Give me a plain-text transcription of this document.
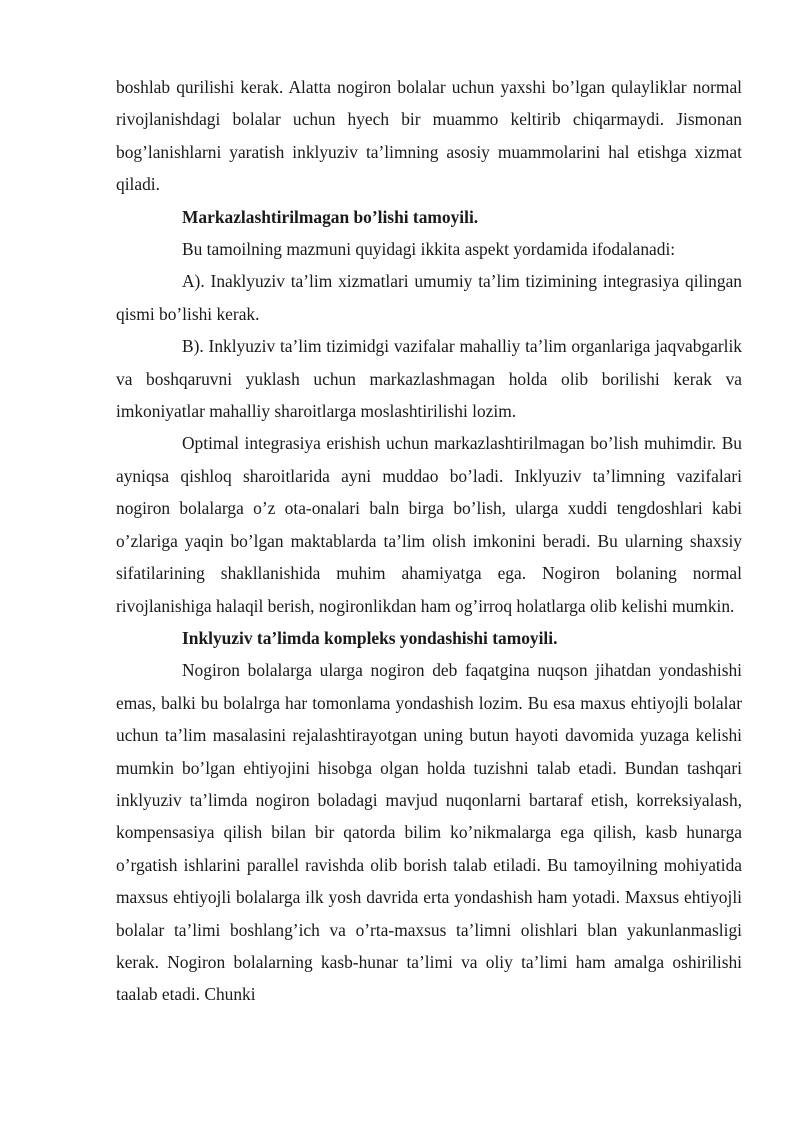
boshlab qurilishi kerak. Alatta nogiron bolalar uchun yaxshi bo’lgan qulayliklar normal rivojlanishdagi bolalar uchun hyech bir muammo keltirib chiqarmaydi. Jismonan bog’lanishlarni yaratish inklyuziv ta’limning asosiy muammolarini hal etishga xizmat qiladi.

Markazlashtirilmagan bo’lishi tamoyili.

Bu tamoilning mazmuni quyidagi ikkita aspekt yordamida ifodalanadi:

A). Inaklyuziv ta’lim xizmatlari umumiy ta’lim tizimining integrasiya qilingan qismi bo’lishi kerak.

B). Inklyuziv ta’lim tizimidgi vazifalar mahalliy ta’lim organlariga jaqvabgarlik va boshqaruvni yuklash uchun markazlashmagan holda olib borilishi kerak va imkoniyatlar mahalliy sharoitlarga moslashtirilishi lozim.

Optimal integrasiya erishish uchun markazlashtirilmagan bo’lish muhimdir. Bu ayniqsa qishloq sharoitlarida ayni muddao bo’ladi. Inklyuziv ta’limning vazifalari nogiron bolalarga o’z ota-onalari baln birga bo’lish, ularga xuddi tengdoshlari kabi o’zlariga yaqin bo’lgan maktablarda ta’lim olish imkonini beradi. Bu ularning shaxsiy sifatilarining shakllanishida muhim ahamiyatga ega. Nogiron bolaning normal rivojlanishiga halaqil berish, nogironlikdan ham og’irroq holatlarga olib kelishi mumkin.

Inklyuziv ta’limda kompleks yondashishi tamoyili.

Nogiron bolalarga ularga nogiron deb faqatgina nuqson jihatdan yondashishi emas, balki bu bolalrga har tomonlama yondashish lozim. Bu esa maxus ehtiyojli bolalar uchun ta’lim masalasini rejalashtirayotgan uning butun hayoti davomida yuzaga kelishi mumkin bo’lgan ehtiyojini hisobga olgan holda tuzishni talab etadi. Bundan tashqari inklyuziv ta’limda nogiron boladagi mavjud nuqonlarni bartaraf etish, korreksiyalash, kompensasiya qilish bilan bir qatorda bilim ko’nikmalarga ega qilish, kasb hunarga o’rgatish ishlarini parallel ravishda olib borish talab etiladi. Bu tamoyilning mohiyatida maxsus ehtiyojli bolalarga ilk yosh davrida erta yondashish ham yotadi. Maxsus ehtiyojli bolalar ta’limi boshlang’ich va o’rta-maxsus ta’limni olishlari blan yakunlanmasligi kerak. Nogiron bolalarning kasb-hunar ta’limi va oliy ta’limi ham amalga oshirilishi taalab etadi. Chunki
